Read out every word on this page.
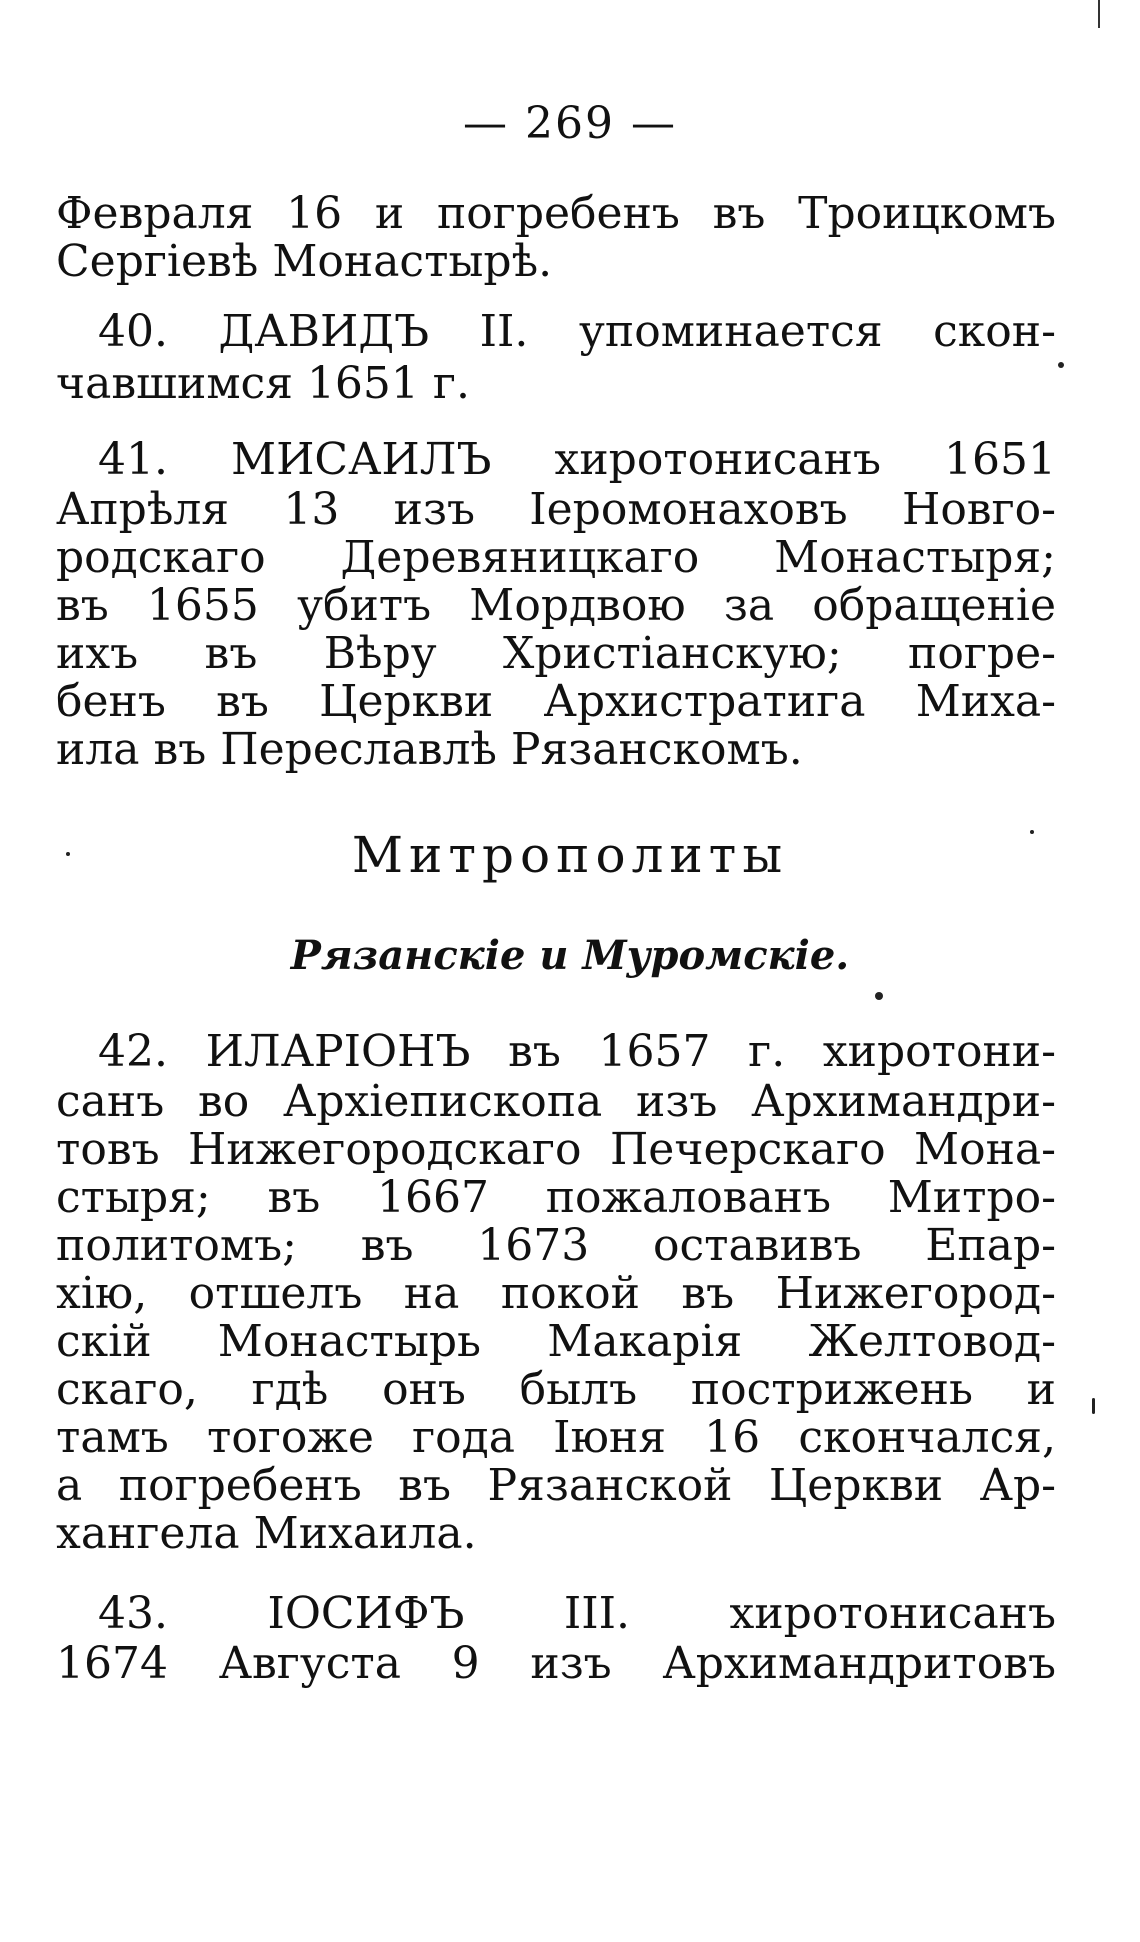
— 269 —
Февраля 16 и погребенъ въ Троицкомъ
Сергіевѣ Монастырѣ.
40. ДАВИДЪ II. упоминается скон-
чавшимся 1651 г.
41. МИСАИЛЪ хиротонисанъ 1651
Апрѣля 13 изъ Іеромонаховъ Новго-
родскаго Деревяницкаго Монастыря;
въ 1655 убитъ Мордвою за обращеніе
ихъ въ Вѣру Христіанскую; погре-
бенъ въ Церкви Архистратига Миха-
ила въ Переславлѣ Рязанскомъ.
Митрополиты
Рязанскіе и Муромскіе.
42. ИЛАРІОНЪ въ 1657 г. хиротони-
санъ во Архіепископа изъ Архимандри-
товъ Нижегородскаго Печерскаго Мона-
стыря; въ 1667 пожалованъ Митро-
политомъ; въ 1673 оставивъ Епар-
хію, отшелъ на покой въ Нижегород-
скій Монастырь Макарія Желтовод-
скаго, гдѣ онъ былъ пострижень и
тамъ тогоже года Іюня 16 скончался,
а погребенъ въ Рязанской Церкви Ар-
хангела Михаила.
43. ІОСИФЪ III. хиротонисанъ
1674 Августа 9 изъ Архимандритовъ
